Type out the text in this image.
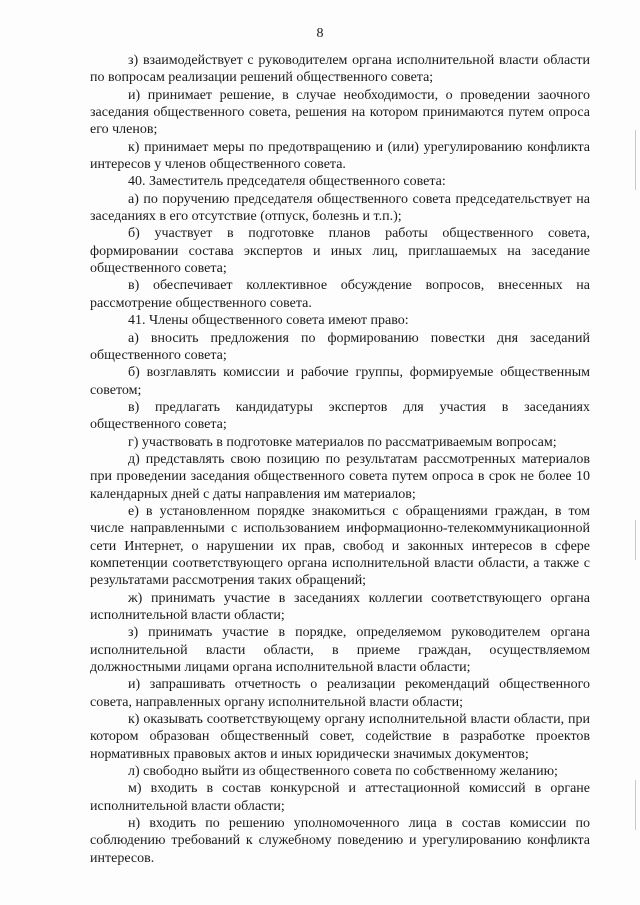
8

з) взаимодействует с руководителем органа исполнительной власти области по вопросам реализации решений общественного совета;

и) принимает решение, в случае необходимости, о проведении заочного заседания общественного совета, решения на котором принимаются путем опроса его членов;

к) принимает меры по предотвращению и (или) урегулированию конфликта интересов у членов общественного совета.

40. Заместитель председателя общественного совета:

а) по поручению председателя общественного совета председательствует на заседаниях в его отсутствие (отпуск, болезнь и т.п.);

б) участвует в подготовке планов работы общественного совета, формировании состава экспертов и иных лиц, приглашаемых на заседание общественного совета;

в) обеспечивает коллективное обсуждение вопросов, внесенных на рассмотрение общественного совета.

41. Члены общественного совета имеют право:

а) вносить предложения по формированию повестки дня заседаний общественного совета;

б) возглавлять комиссии и рабочие группы, формируемые общественным советом;

в) предлагать кандидатуры экспертов для участия в заседаниях общественного совета;

г) участвовать в подготовке материалов по рассматриваемым вопросам;

д) представлять свою позицию по результатам рассмотренных материалов при проведении заседания общественного совета путем опроса в срок не более 10 календарных дней с даты направления им материалов;

е) в установленном порядке знакомиться с обращениями граждан, в том числе направленными с использованием информационно-телекоммуникационной сети Интернет, о нарушении их прав, свобод и законных интересов в сфере компетенции соответствующего органа исполнительной власти области, а также с результатами рассмотрения таких обращений;

ж) принимать участие в заседаниях коллегии соответствующего органа исполнительной власти области;

з) принимать участие в порядке, определяемом руководителем органа исполнительной власти области, в приеме граждан, осуществляемом должностными лицами органа исполнительной власти области;

и) запрашивать отчетность о реализации рекомендаций общественного совета, направленных органу исполнительной власти области;

к) оказывать соответствующему органу исполнительной власти области, при котором образован общественный совет, содействие в разработке проектов нормативных правовых актов и иных юридически значимых документов;

л) свободно выйти из общественного совета по собственному желанию;

м) входить в состав конкурсной и аттестационной комиссий в органе исполнительной власти области;

н) входить по решению уполномоченного лица в состав комиссии по соблюдению требований к служебному поведению и урегулированию конфликта интересов.
